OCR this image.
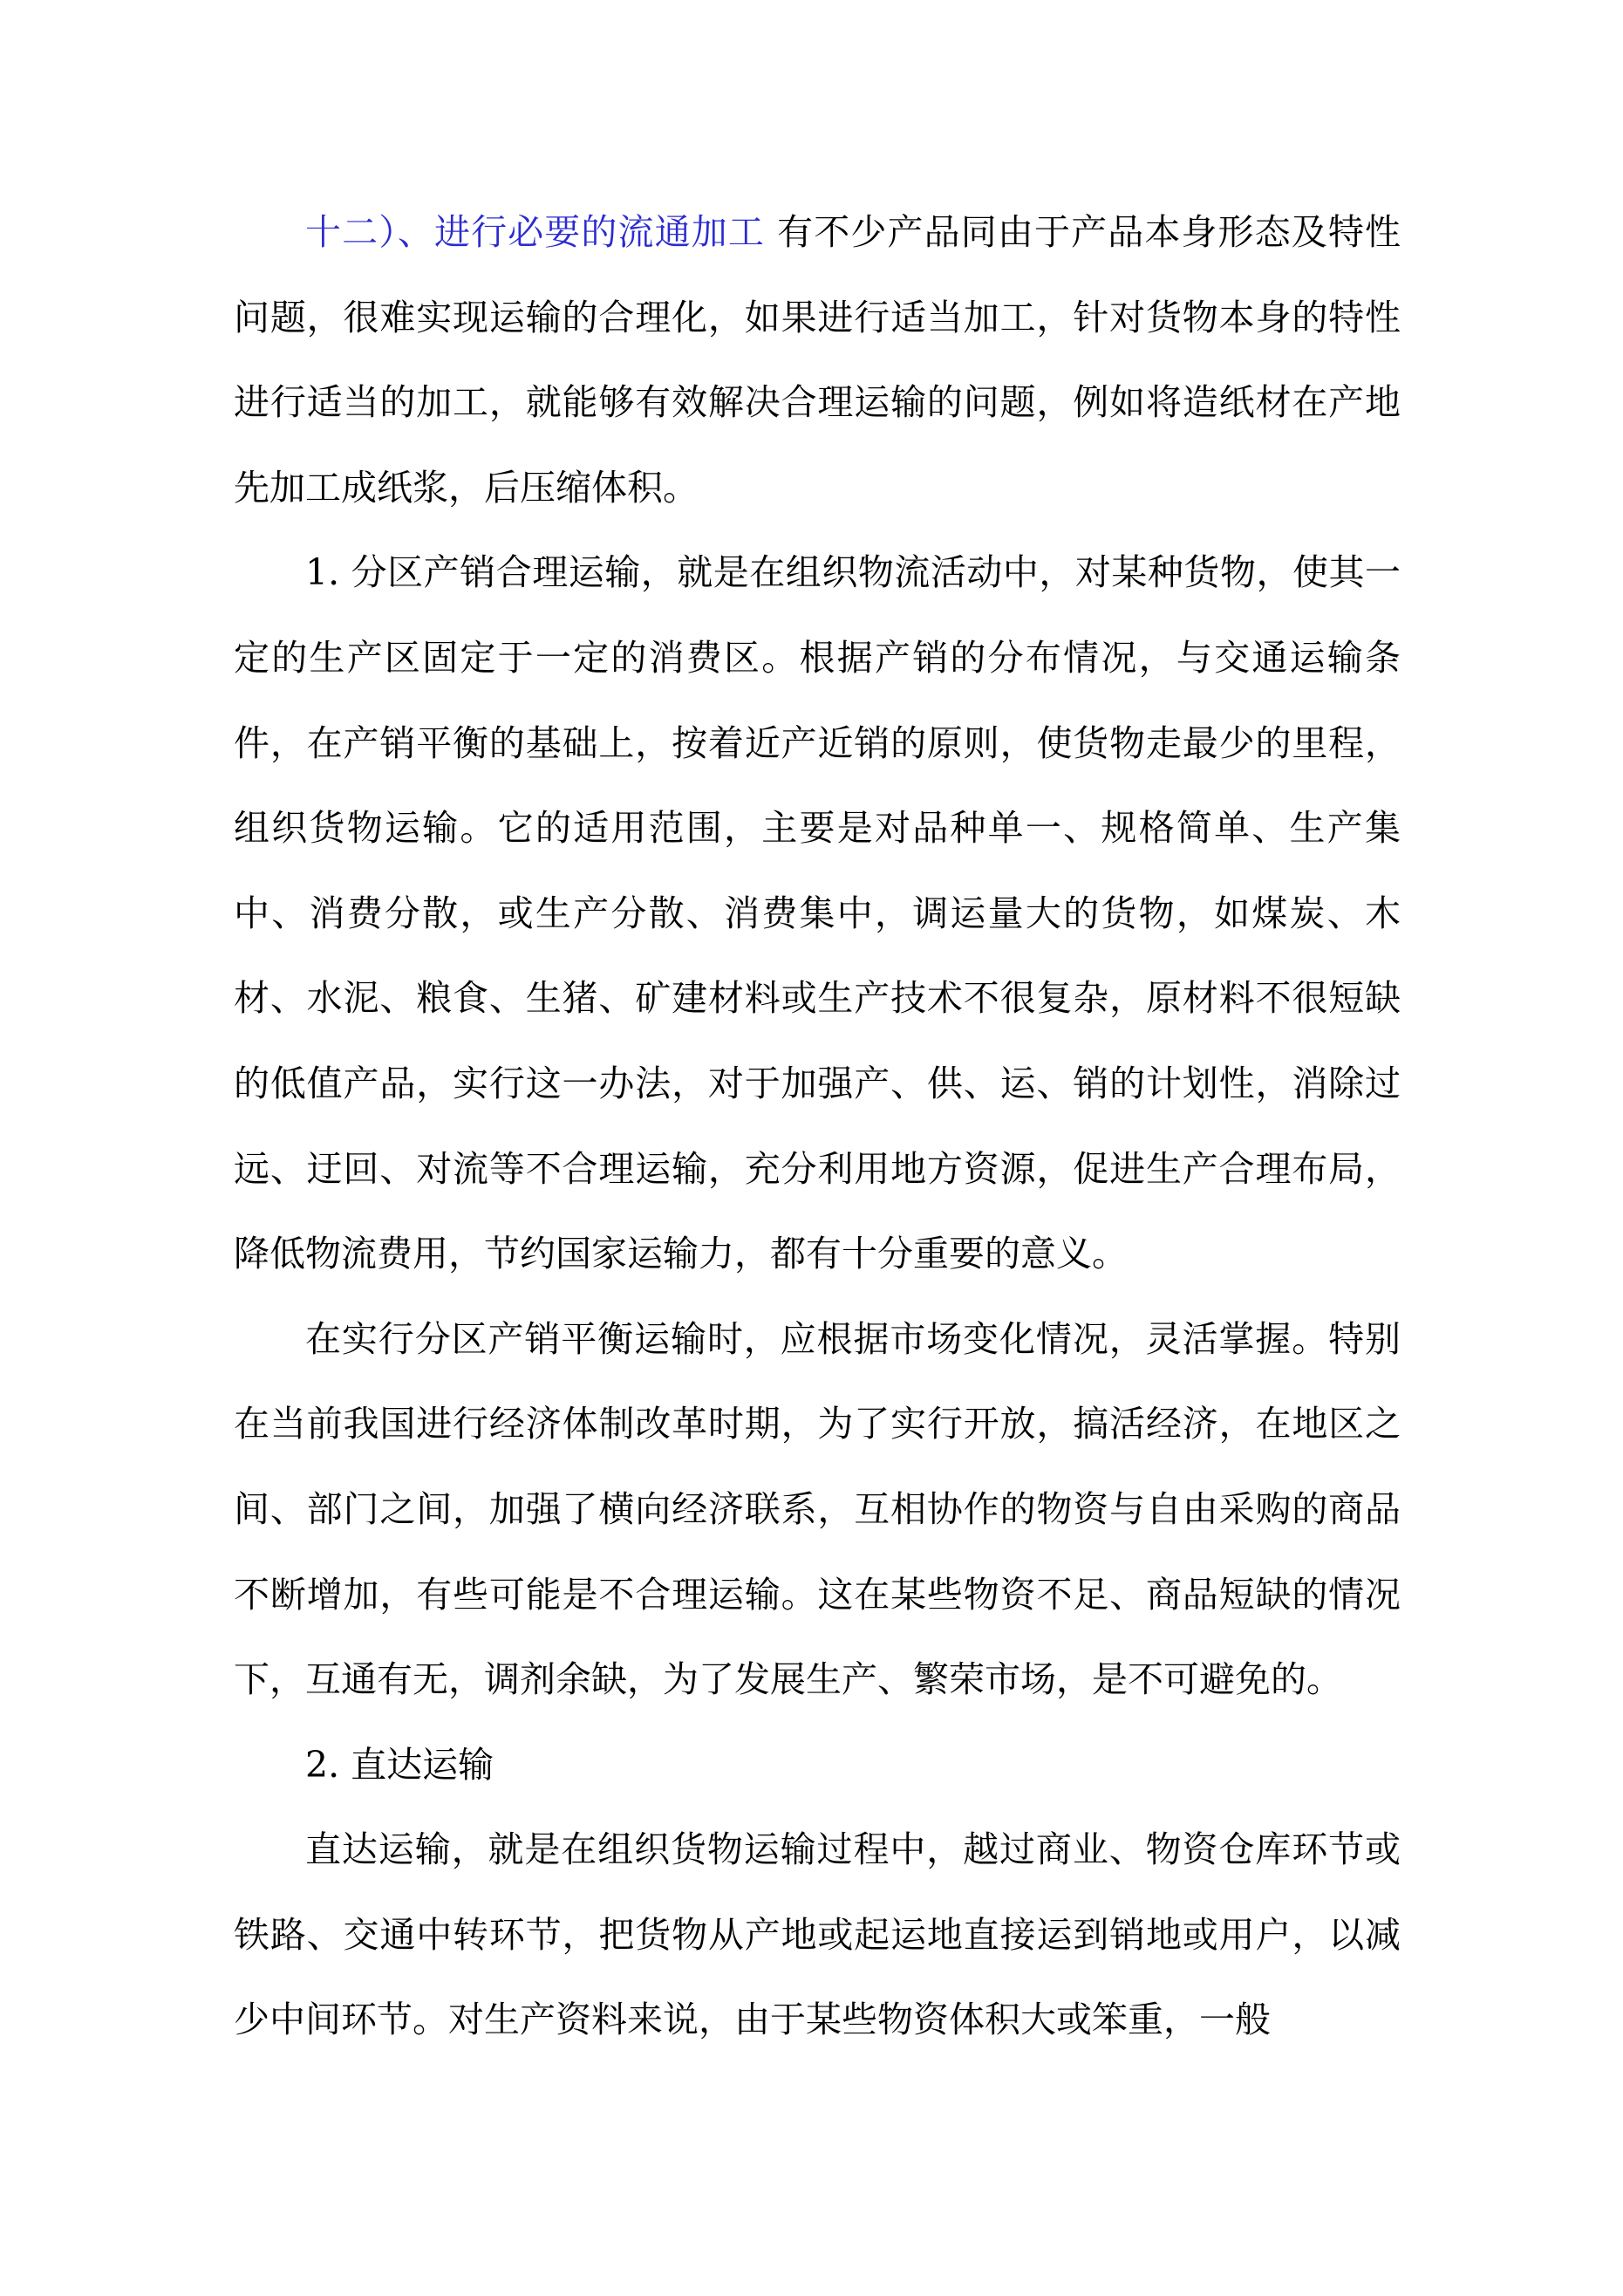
十二）、进行必要的流通加工 有不少产品同由于产品本身形态及特性问题，很难实现运输的合理化，如果进行适当加工，针对货物本身的特性进行适当的加工，就能够有效解决合理运输的问题，例如将造纸材在产地先加工成纸浆，后压缩体积。

1. 分区产销合理运输，就是在组织物流活动中，对某种货物，使其一定的生产区固定于一定的消费区。根据产销的分布情况，与交通运输条件，在产销平衡的基础上，按着近产近销的原则，使货物走最少的里程，组织货物运输。它的适用范围，主要是对品种单一、规格简单、生产集中、消费分散，或生产分散、消费集中，调运量大的货物，如煤炭、木材、水泥、粮食、生猪、矿建材料或生产技术不很复杂，原材料不很短缺的低值产品，实行这一办法，对于加强产、供、运、销的计划性，消除过远、迂回、对流等不合理运输，充分利用地方资源，促进生产合理布局，降低物流费用，节约国家运输力，都有十分重要的意义。

在实行分区产销平衡运输时，应根据市场变化情况，灵活掌握。特别在当前我国进行经济体制改革时期，为了实行开放，搞活经济，在地区之间、部门之间，加强了横向经济联系，互相协作的物资与自由采购的商品不断增加，有些可能是不合理运输。这在某些物资不足、商品短缺的情况下，互通有无，调剂余缺，为了发展生产、繁荣市场，是不可避免的。

2. 直达运输

直达运输，就是在组织货物运输过程中，越过商业、物资仓库环节或铁路、交通中转环节，把货物从产地或起运地直接运到销地或用户，以减少中间环节。对生产资料来说，由于某些物资体积大或笨重，一般
